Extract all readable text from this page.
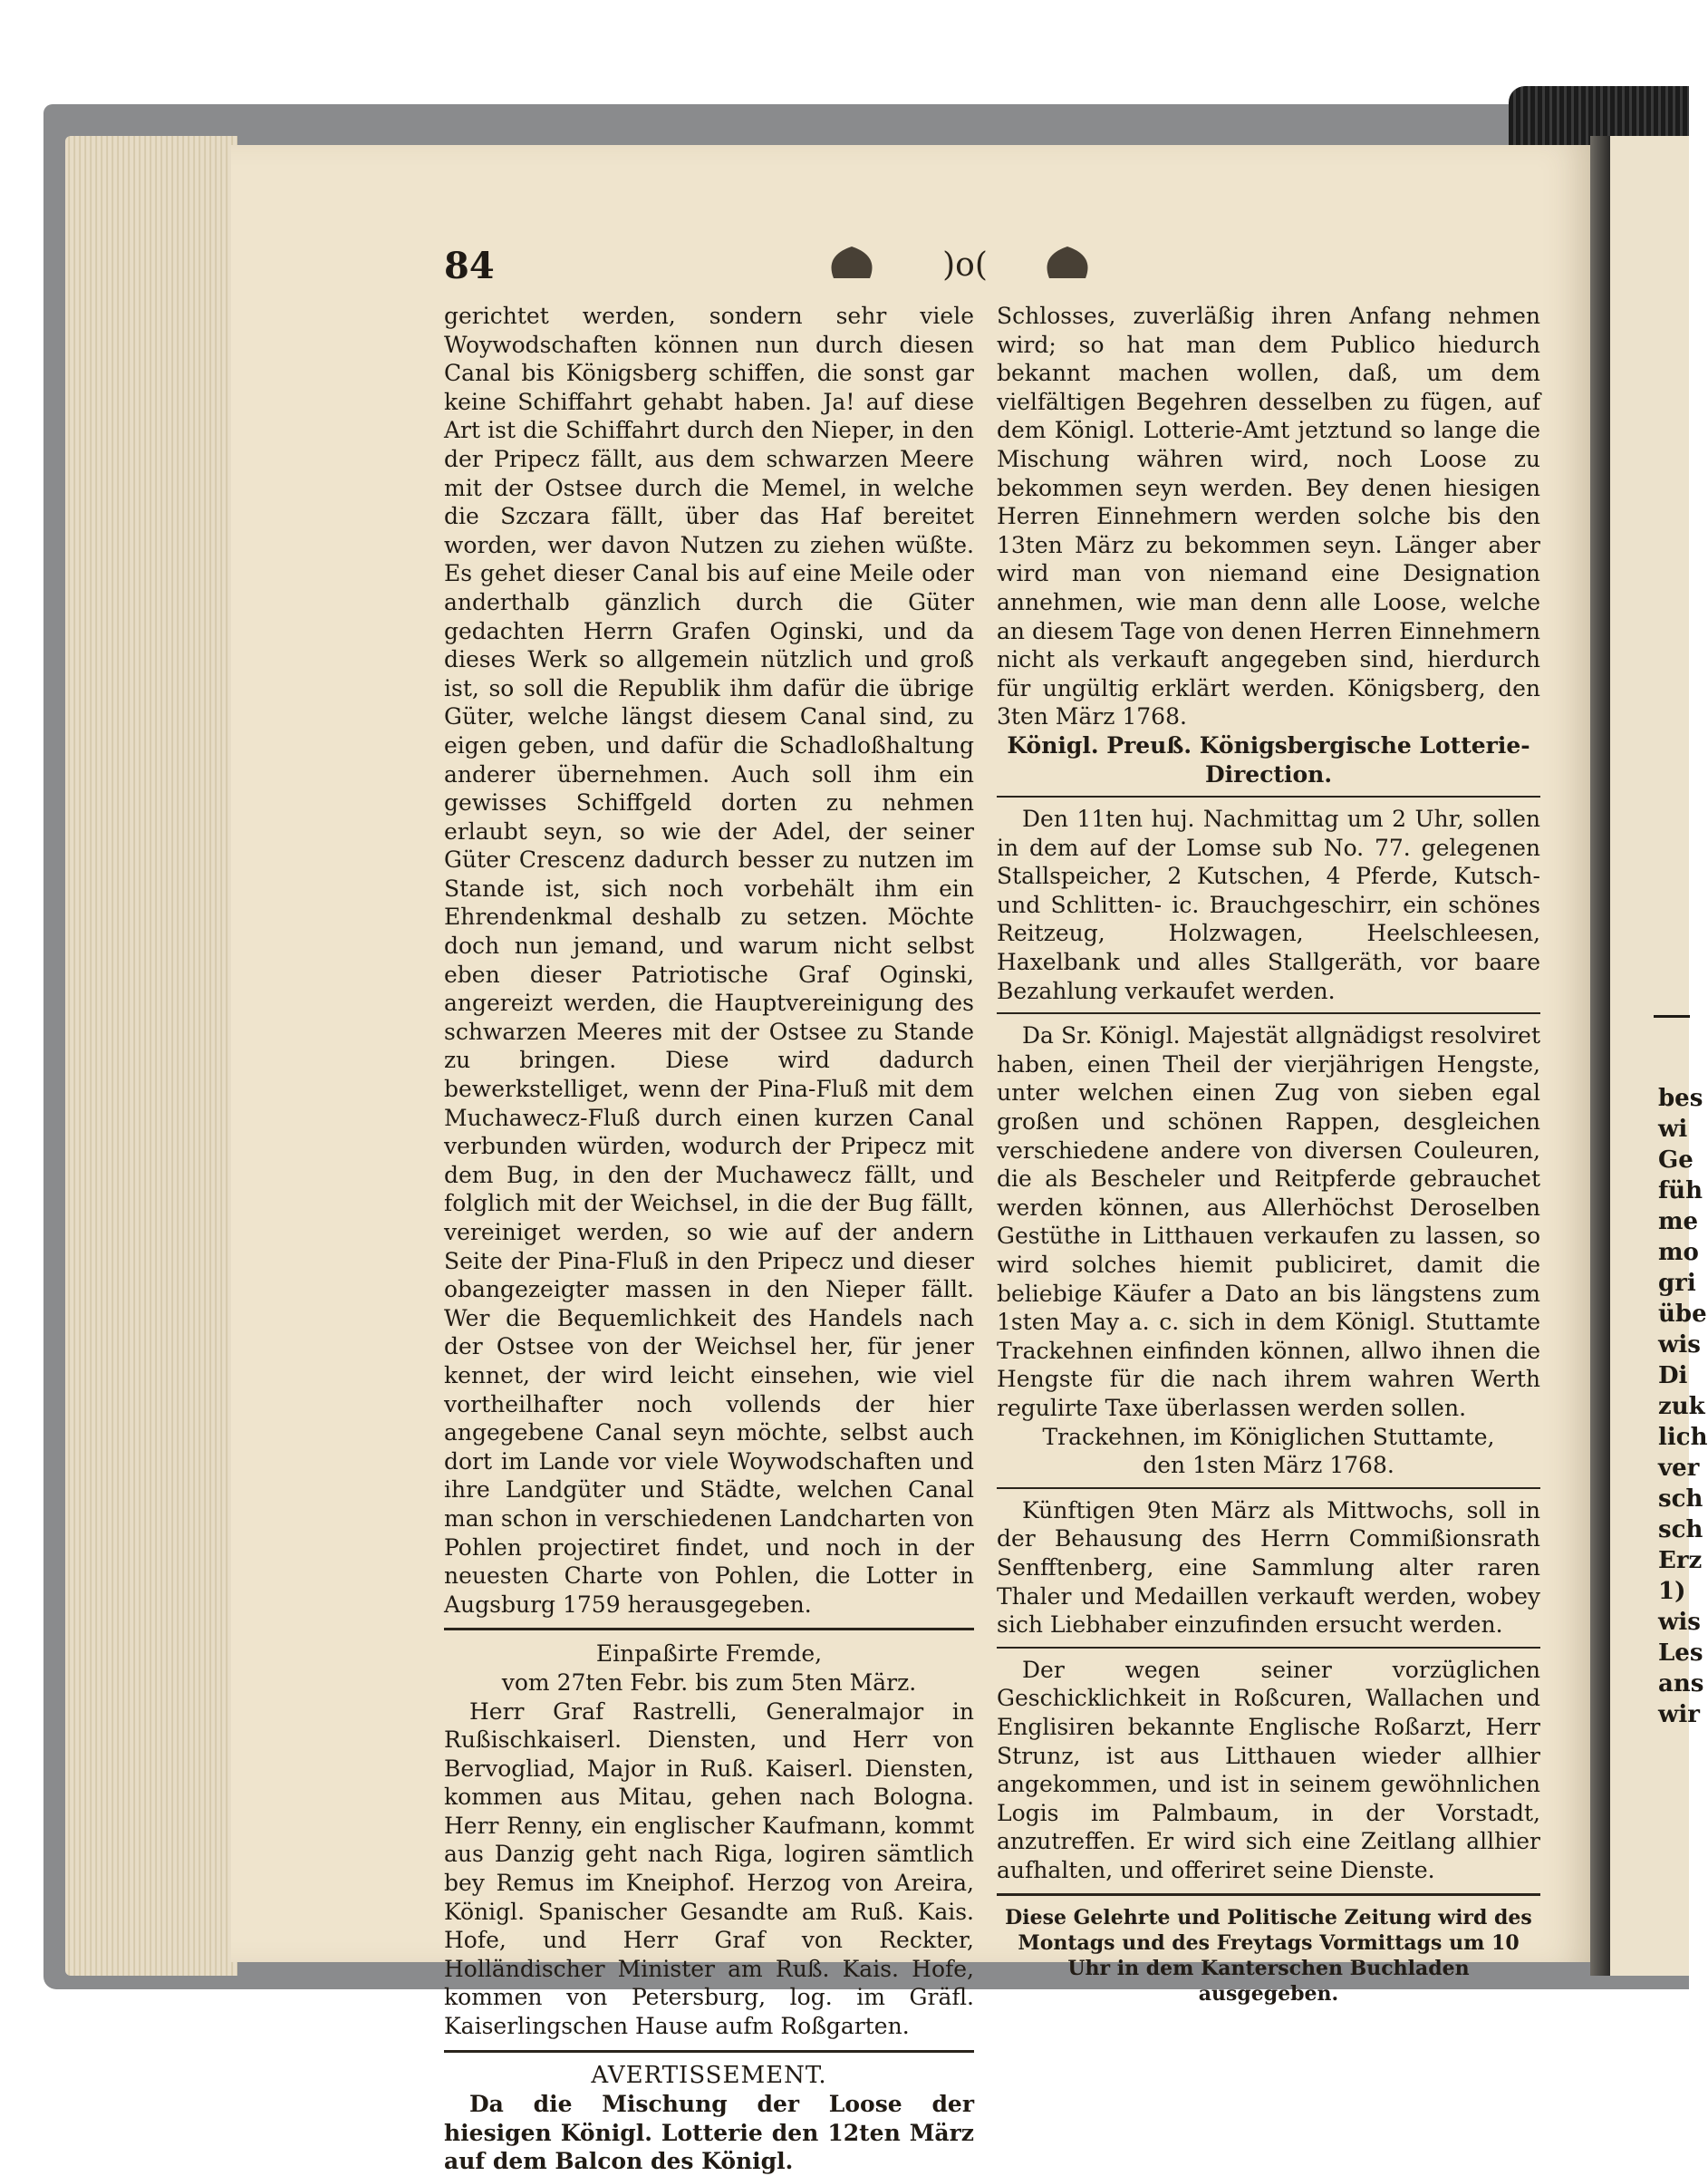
84	)o(

gerichtet werden, sondern sehr viele Woywodschaften können nun durch diesen Canal bis Königsberg schiffen, die sonst gar keine Schiffahrt gehabt haben. Ja! auf diese Art ist die Schiffahrt durch den Nieper, in den der Pripecz fällt, aus dem schwarzen Meere mit der Ostsee durch die Memel, in welche die Szczara fällt, über das Haf bereitet worden, wer davon Nutzen zu ziehen wüßte. Es gehet dieser Canal bis auf eine Meile oder anderthalb gänzlich durch die Güter gedachten Herrn Grafen Oginski, und da dieses Werk so allgemein nützlich und groß ist, so soll die Republik ihm dafür die übrige Güter, welche längst diesem Canal sind, zu eigen geben, und dafür die Schadloßhaltung anderer übernehmen. Auch soll ihm ein gewisses Schiffgeld dorten zu nehmen erlaubt seyn, so wie der Adel, der seiner Güter Crescenz dadurch besser zu nutzen im Stande ist, sich noch vorbehält ihm ein Ehrendenkmal deshalb zu setzen. Möchte doch nun jemand, und warum nicht selbst eben dieser Patriotische Graf Oginski, angereizt werden, die Hauptvereinigung des schwarzen Meeres mit der Ostsee zu Stande zu bringen. Diese wird dadurch bewerkstelliget, wenn der Pina-Fluß mit dem Muchawecz-Fluß durch einen kurzen Canal verbunden würden, wodurch der Pripecz mit dem Bug, in den der Muchawecz fällt, und folglich mit der Weichsel, in die der Bug fällt, vereiniget werden, so wie auf der andern Seite der Pina-Fluß in den Pripecz und dieser obangezeigter massen in den Nieper fällt. Wer die Bequemlichkeit des Handels nach der Ostsee von der Weichsel her, für jener kennet, der wird leicht einsehen, wie viel vortheilhafter noch vollends der hier angegebene Canal seyn möchte, selbst auch dort im Lande vor viele Woywodschaften und ihre Landgüter und Städte, welchen Canal man schon in verschiedenen Landcharten von Pohlen projectiret findet, und noch in der neuesten Charte von Pohlen, die Lotter in Augsburg 1759 herausgegeben.

Einpaßirte Fremde,

vom 27ten Febr. bis zum 5ten März.

Herr Graf Rastrelli, Generalmajor in Rußischkaiserl. Diensten, und Herr von Bervogliad, Major in Ruß. Kaiserl. Diensten, kommen aus Mitau, gehen nach Bologna. Herr Renny, ein englischer Kaufmann, kommt aus Danzig geht nach Riga, logiren sämtlich bey Remus im Kneiphof. Herzog von Areira, Königl. Spanischer Gesandte am Ruß. Kais. Hofe, und Herr Graf von Reckter, Holländischer Minister am Ruß. Kais. Hofe, kommen von Petersburg, log. im Gräfl. Kaiserlingschen Hause aufm Roßgarten.

AVERTISSEMENT.

Da die Mischung der Loose der hiesigen Königl. Lotterie den 12ten März auf dem Balcon des Königl.

Schlosses, zuverläßig ihren Anfang nehmen wird; so hat man dem Publico hiedurch bekannt machen wollen, daß, um dem vielfältigen Begehren desselben zu fügen, auf dem Königl. Lotterie-Amt jetztund so lange die Mischung währen wird, noch Loose zu bekommen seyn werden. Bey denen hiesigen Herren Einnehmern werden solche bis den 13ten März zu bekommen seyn. Länger aber wird man von niemand eine Designation annehmen, wie man denn alle Loose, welche an diesem Tage von denen Herren Einnehmern nicht als verkauft angegeben sind, hierdurch für ungültig erklärt werden. Königsberg, den 3ten März 1768.

Königl. Preuß. Königsbergische Lotterie-

Direction.

Den 11ten huj. Nachmittag um 2 Uhr, sollen in dem auf der Lomse sub No. 77. gelegenen Stallspeicher, 2 Kutschen, 4 Pferde, Kutsch- und Schlitten- ic. Brauchgeschirr, ein schönes Reitzeug, Holzwagen, Heelschleesen, Haxelbank und alles Stallgeräth, vor baare Bezahlung verkaufet werden.

Da Sr. Königl. Majestät allgnädigst resolviret haben, einen Theil der vierjährigen Hengste, unter welchen einen Zug von sieben egal großen und schönen Rappen, desgleichen verschiedene andere von diversen Couleuren, die als Bescheler und Reitpferde gebrauchet werden können, aus Allerhöchst Deroselben Gestüthe in Litthauen verkaufen zu lassen, so wird solches hiemit publiciret, damit die beliebige Käufer a Dato an bis längstens zum 1sten May a. c. sich in dem Königl. Stuttamte Trackehnen einfinden können, allwo ihnen die Hengste für die nach ihrem wahren Werth regulirte Taxe überlassen werden sollen.

Trackehnen, im Königlichen Stuttamte,

den 1sten März 1768.

Künftigen 9ten März als Mittwochs, soll in der Behausung des Herrn Commißionsrath Senfftenberg, eine Sammlung alter raren Thaler und Medaillen verkauft werden, wobey sich Liebhaber einzufinden ersucht werden.

Der wegen seiner vorzüglichen Geschicklichkeit in Roßcuren, Wallachen und Englisiren bekannte Englische Roßarzt, Herr Strunz, ist aus Litthauen wieder allhier angekommen, und ist in seinem gewöhnlichen Logis im Palmbaum, in der Vorstadt, anzutreffen. Er wird sich eine Zeitlang allhier aufhalten, und offeriret seine Dienste.

Diese Gelehrte und Politische Zeitung wird des Montags und des Freytags Vormittags um 10 Uhr in dem Kanterschen Buchladen ausgegeben.

bes
wi
Ge
füh
me
mo
gri
übe
wis
Di
zuk
lich
ver
sch
sch
Erz
1)
wis
Les
ans
wir
